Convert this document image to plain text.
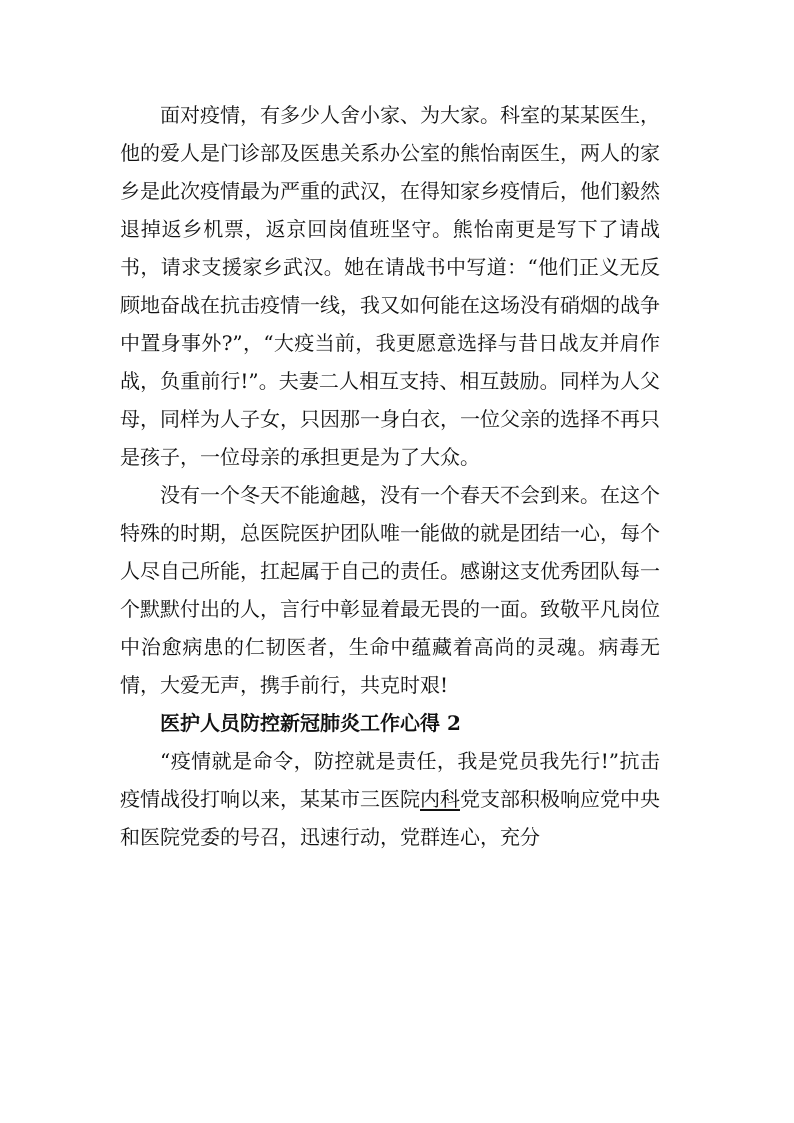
面对疫情，有多少人舍小家、为大家。科室的某某医生，他的爱人是门诊部及医患关系办公室的熊怡南医生，两人的家乡是此次疫情最为严重的武汉，在得知家乡疫情后，他们毅然退掉返乡机票，返京回岗值班坚守。熊怡南更是写下了请战书，请求支援家乡武汉。她在请战书中写道：“他们正义无反顾地奋战在抗击疫情一线，我又如何能在这场没有硝烟的战争中置身事外?”，“大疫当前，我更愿意选择与昔日战友并肩作战，负重前行!”。夫妻二人相互支持、相互鼓励。同样为人父母，同样为人子女，只因那一身白衣，一位父亲的选择不再只是孩子，一位母亲的承担更是为了大众。

没有一个冬天不能逾越，没有一个春天不会到来。在这个特殊的时期，总医院医护团队唯一能做的就是团结一心，每个人尽自己所能，扛起属于自己的责任。感谢这支优秀团队每一个默默付出的人，言行中彰显着最无畏的一面。致敬平凡岗位中治愈病患的仁韧医者，生命中蕴藏着高尚的灵魂。病毒无情，大爱无声，携手前行，共克时艰!

医护人员防控新冠肺炎工作心得 2

“疫情就是命令，防控就是责任，我是党员我先行!”抗击疫情战役打响以来，某某市三医院内科党支部积极响应党中央和医院党委的号召，迅速行动，党群连心，充分
